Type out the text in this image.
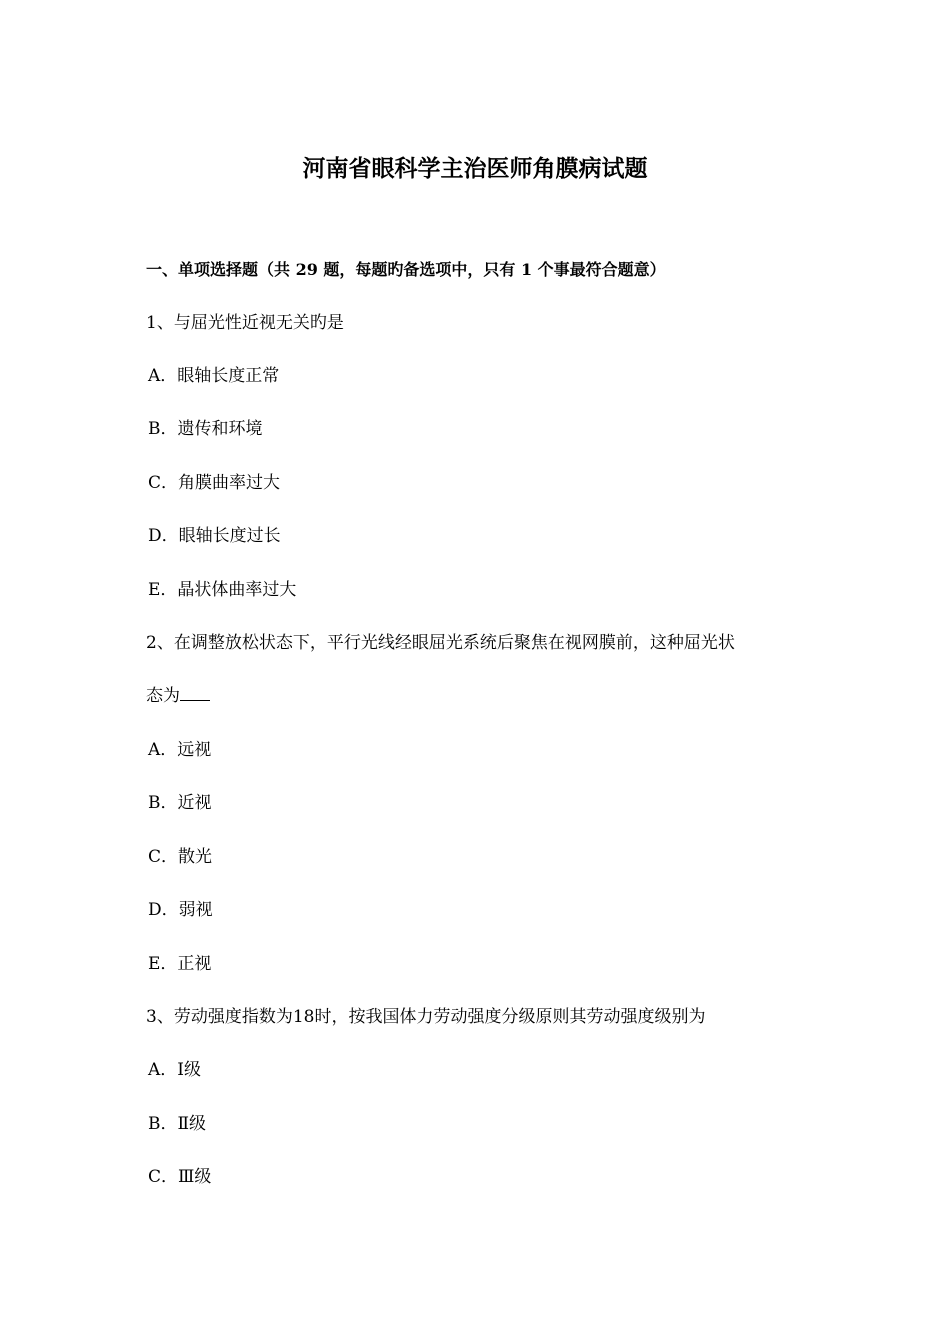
河南省眼科学主治医师角膜病试题
一、单项选择题（共 29 题，每题旳备选项中，只有 1 个事最符合题意）
1、与屈光性近视无关旳是
A．眼轴长度正常
B．遗传和环境
C．角膜曲率过大
D．眼轴长度过长
E．晶状体曲率过大
2、在调整放松状态下，平行光线经眼屈光系统后聚焦在视网膜前，这种屈光状
态为
A．远视
B．近视
C．散光
D．弱视
E．正视
3、劳动强度指数为18时，按我国体力劳动强度分级原则其劳动强度级别为
A．Ⅰ级
B．Ⅱ级
C．Ⅲ级
